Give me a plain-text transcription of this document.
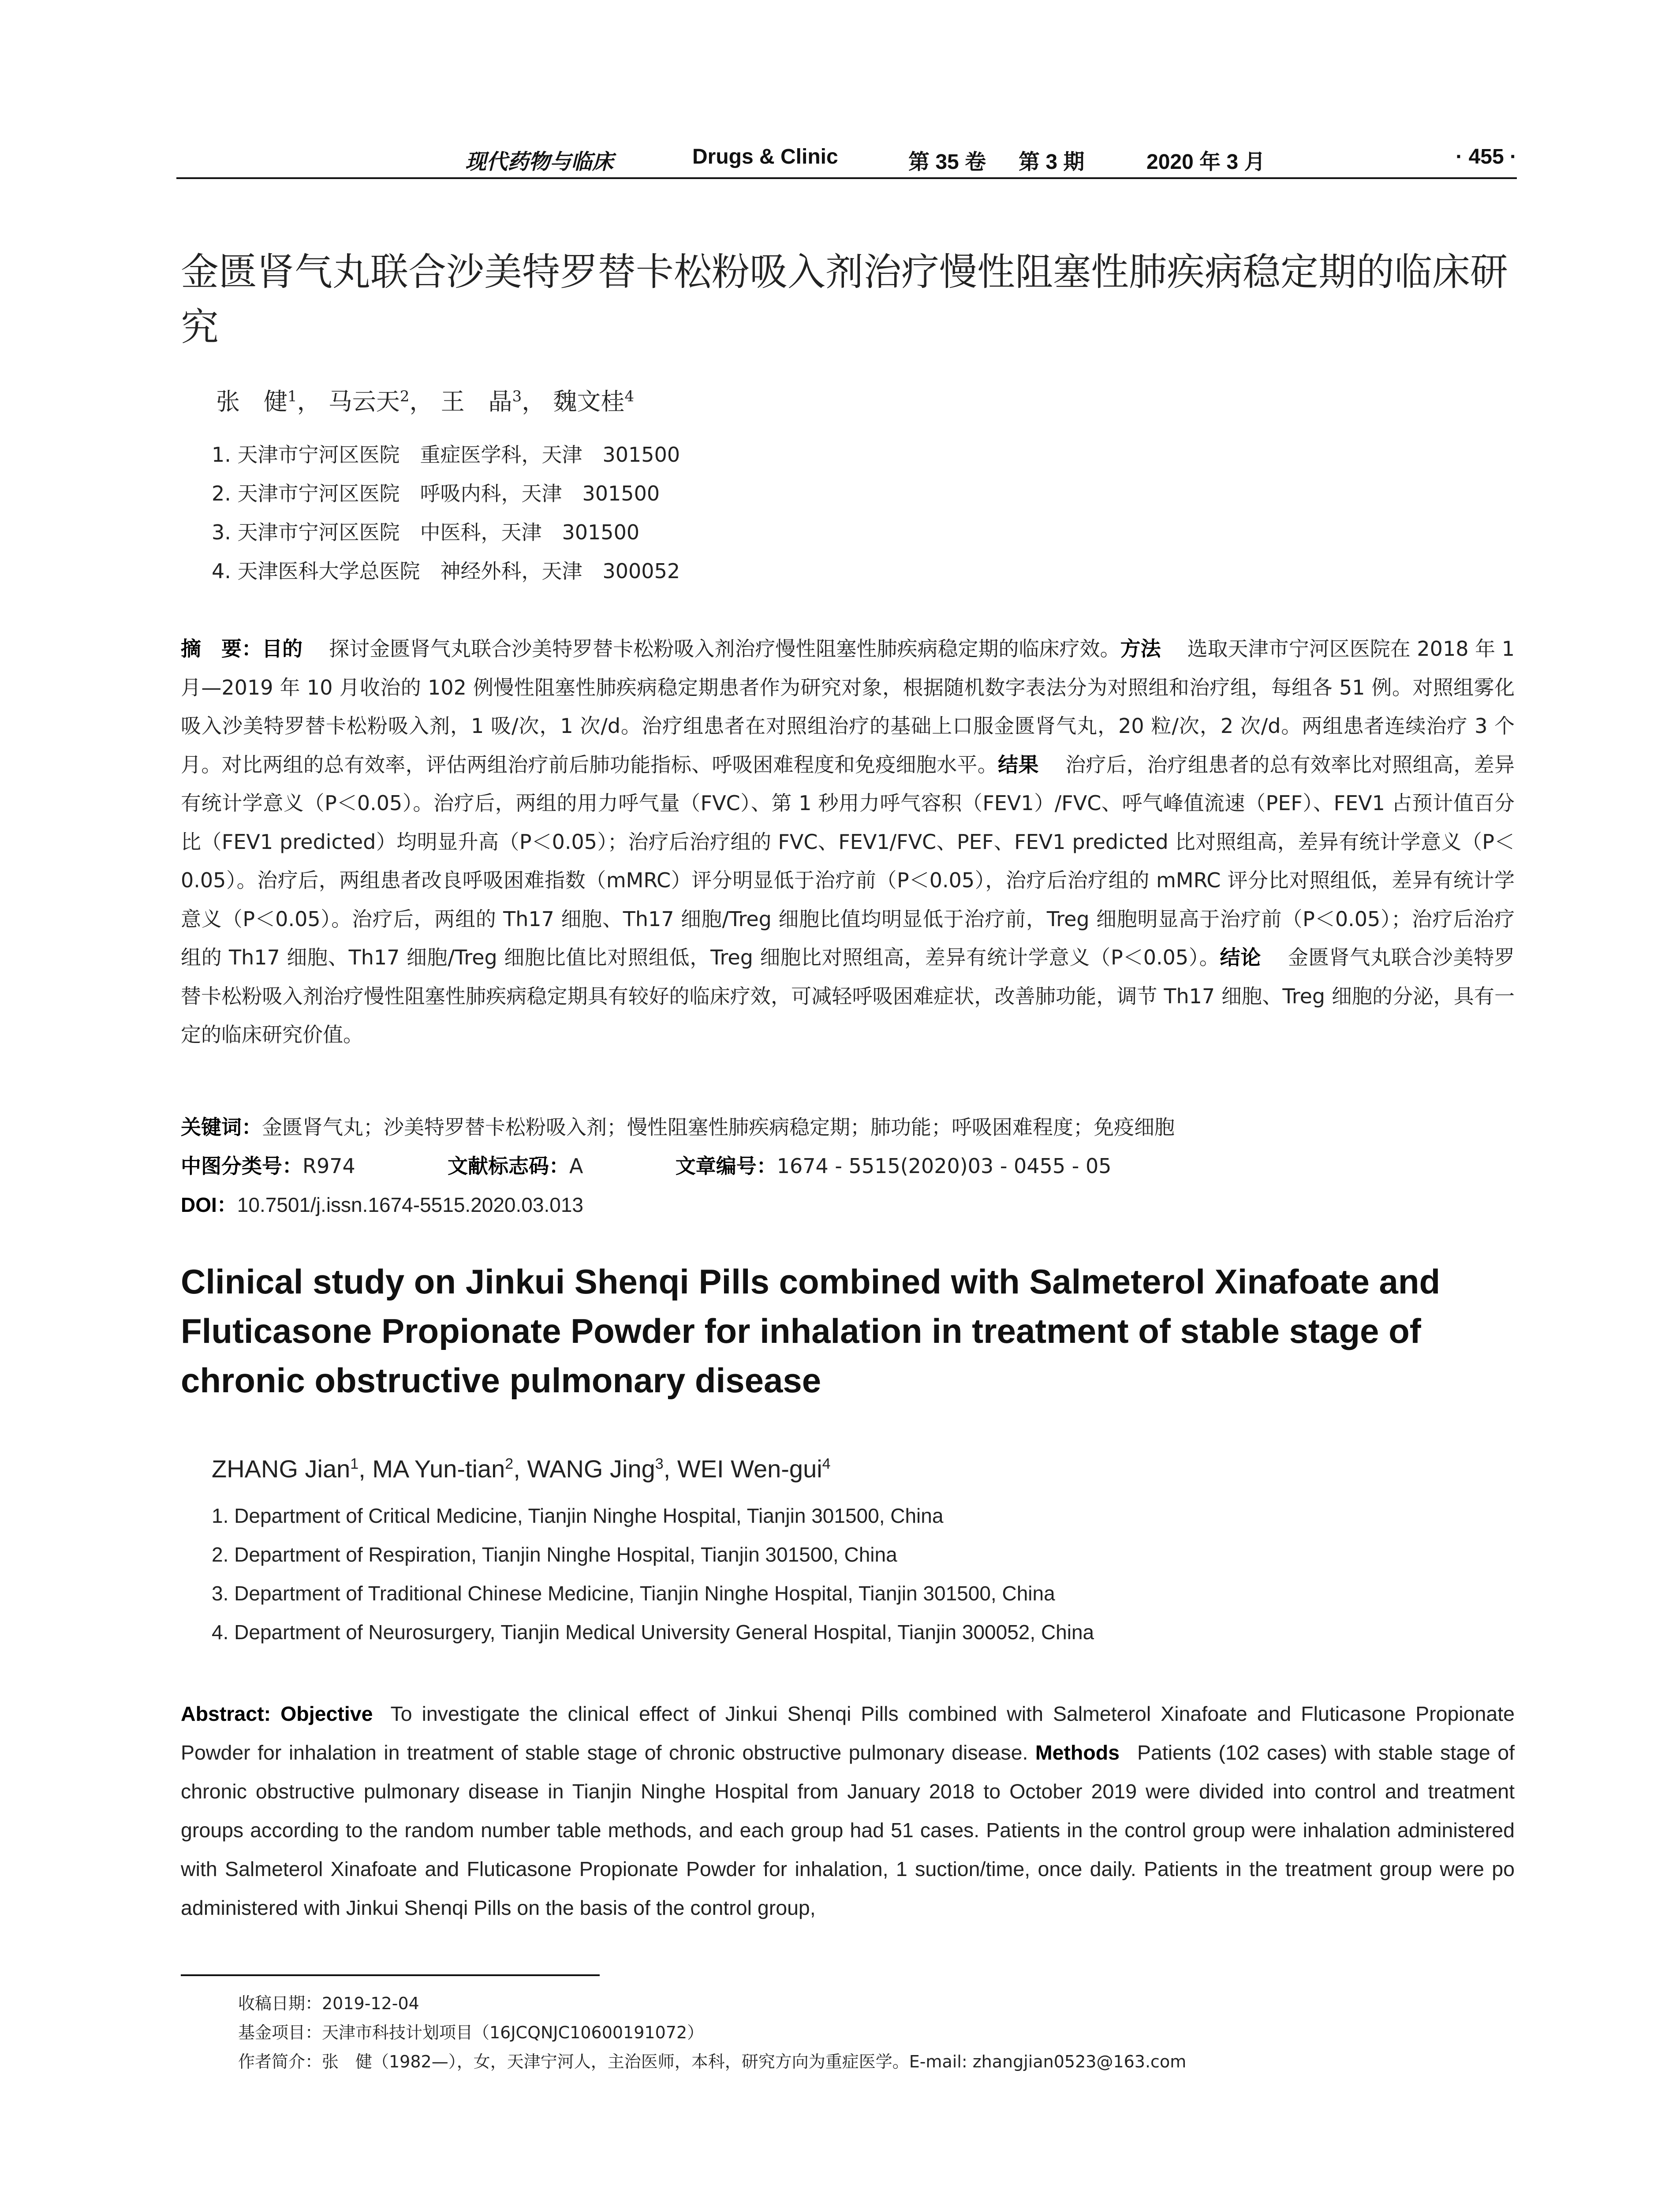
现代药物与临床	Drugs & Clinic	第 35 卷 第 3 期	2020 年 3 月	· 455 ·
金匮肾气丸联合沙美特罗替卡松粉吸入剂治疗慢性阻塞性肺疾病稳定期的临床研究
张　健$^1$， 马云天$^2$， 王　晶$^3$， 魏文桂$^4$
1. 天津市宁河区医院　重症医学科，天津　301500
2. 天津市宁河区医院　呼吸内科，天津　301500
3. 天津市宁河区医院　中医科，天津　301500
4. 天津医科大学总医院　神经外科，天津　300052
摘　要：目的 探讨金匮肾气丸联合沙美特罗替卡松粉吸入剂治疗慢性阻塞性肺疾病稳定期的临床疗效。方法 选取天津市宁河区医院在 2018 年 1 月—2019 年 10 月收治的 102 例慢性阻塞性肺疾病稳定期患者作为研究对象，根据随机数字表法分为对照组和治疗组，每组各 51 例。对照组雾化吸入沙美特罗替卡松粉吸入剂，1 吸/次，1 次/d。治疗组患者在对照组治疗的基础上口服金匮肾气丸，20 粒/次，2 次/d。两组患者连续治疗 3 个月。对比两组的总有效率，评估两组治疗前后肺功能指标、呼吸困难程度和免疫细胞水平。结果 治疗后，治疗组患者的总有效率比对照组高，差异有统计学意义（P＜0.05）。治疗后，两组的用力呼气量（FVC）、第 1 秒用力呼气容积（FEV1）/FVC、呼气峰值流速（PEF）、FEV1 占预计值百分比（FEV1 predicted）均明显升高（P＜0.05）；治疗后治疗组的 FVC、FEV1/FVC、PEF、FEV1 predicted 比对照组高，差异有统计学意义（P＜0.05）。治疗后，两组患者改良呼吸困难指数（mMRC）评分明显低于治疗前（P＜0.05），治疗后治疗组的 mMRC 评分比对照组低，差异有统计学意义（P＜0.05）。治疗后，两组的 Th17 细胞、Th17 细胞/Treg 细胞比值均明显低于治疗前，Treg 细胞明显高于治疗前（P＜0.05）；治疗后治疗组的 Th17 细胞、Th17 细胞/Treg 细胞比值比对照组低，Treg 细胞比对照组高，差异有统计学意义（P＜0.05）。结论 金匮肾气丸联合沙美特罗替卡松粉吸入剂治疗慢性阻塞性肺疾病稳定期具有较好的临床疗效，可减轻呼吸困难症状，改善肺功能，调节 Th17 细胞、Treg 细胞的分泌，具有一定的临床研究价值。
关键词：金匮肾气丸；沙美特罗替卡松粉吸入剂；慢性阻塞性肺疾病稳定期；肺功能；呼吸困难程度；免疫细胞
中图分类号：R974	文献标志码：A	文章编号：1674 - 5515(2020)03 - 0455 - 05
DOI：10.7501/j.issn.1674-5515.2020.03.013
Clinical study on Jinkui Shenqi Pills combined with Salmeterol Xinafoate and Fluticasone Propionate Powder for inhalation in treatment of stable stage of chronic obstructive pulmonary disease
ZHANG Jian$^1$, MA Yun-tian$^2$, WANG Jing$^3$, WEI Wen-gui$^4$
1. Department of Critical Medicine, Tianjin Ninghe Hospital, Tianjin 301500, China
2. Department of Respiration, Tianjin Ninghe Hospital, Tianjin 301500, China
3. Department of Traditional Chinese Medicine, Tianjin Ninghe Hospital, Tianjin 301500, China
4. Department of Neurosurgery, Tianjin Medical University General Hospital, Tianjin 300052, China
Abstract: Objective To investigate the clinical effect of Jinkui Shenqi Pills combined with Salmeterol Xinafoate and Fluticasone Propionate Powder for inhalation in treatment of stable stage of chronic obstructive pulmonary disease. Methods Patients (102 cases) with stable stage of chronic obstructive pulmonary disease in Tianjin Ninghe Hospital from January 2018 to October 2019 were divided into control and treatment groups according to the random number table methods, and each group had 51 cases. Patients in the control group were inhalation administered with Salmeterol Xinafoate and Fluticasone Propionate Powder for inhalation, 1 suction/time, once daily. Patients in the treatment group were po administered with Jinkui Shenqi Pills on the basis of the control group,
收稿日期：2019-12-04
基金项目：天津市科技计划项目（16JCQNJC10600191072）
作者简介：张　健（1982—），女，天津宁河人，主治医师，本科，研究方向为重症医学。E-mail: zhangjian0523@163.com
